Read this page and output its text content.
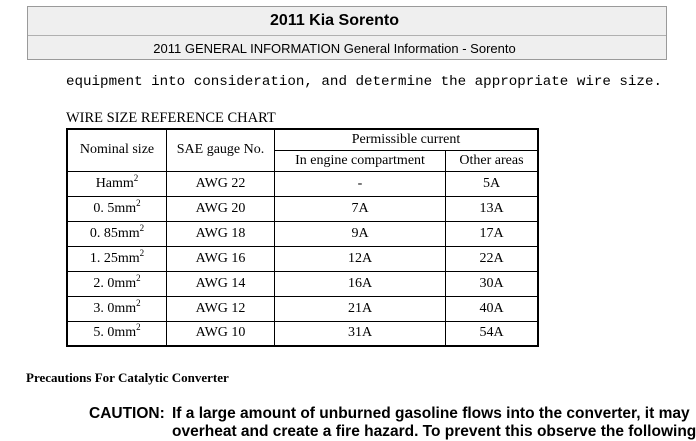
2011 Kia Sorento
2011 GENERAL INFORMATION General Information - Sorento
equipment into consideration, and determine the appropriate wire size.
WIRE SIZE REFERENCE CHART
Nominal size	SAE gauge No.	Permissible current	
		In engine compartment	Other areas
Hamm$^2$	AWG 22	-	5A
0. $5mm^2$	AWG 20	7A	13A
0. $85mm^2$	AWG 18	9A	17A
1. $25mm^2$	AWG 16	12A	22A
2. $0mm^2$	AWG 14	16A	30A
3. $0mm^2$	AWG 12	21A	40A
5. $0mm^2$	AWG 10	31A	54A
Precautions For Catalytic Converter
CAUTION: If a large amount of unburned gasoline flows into the converter, it may
overheat and create a fire hazard. To prevent this observe the following
